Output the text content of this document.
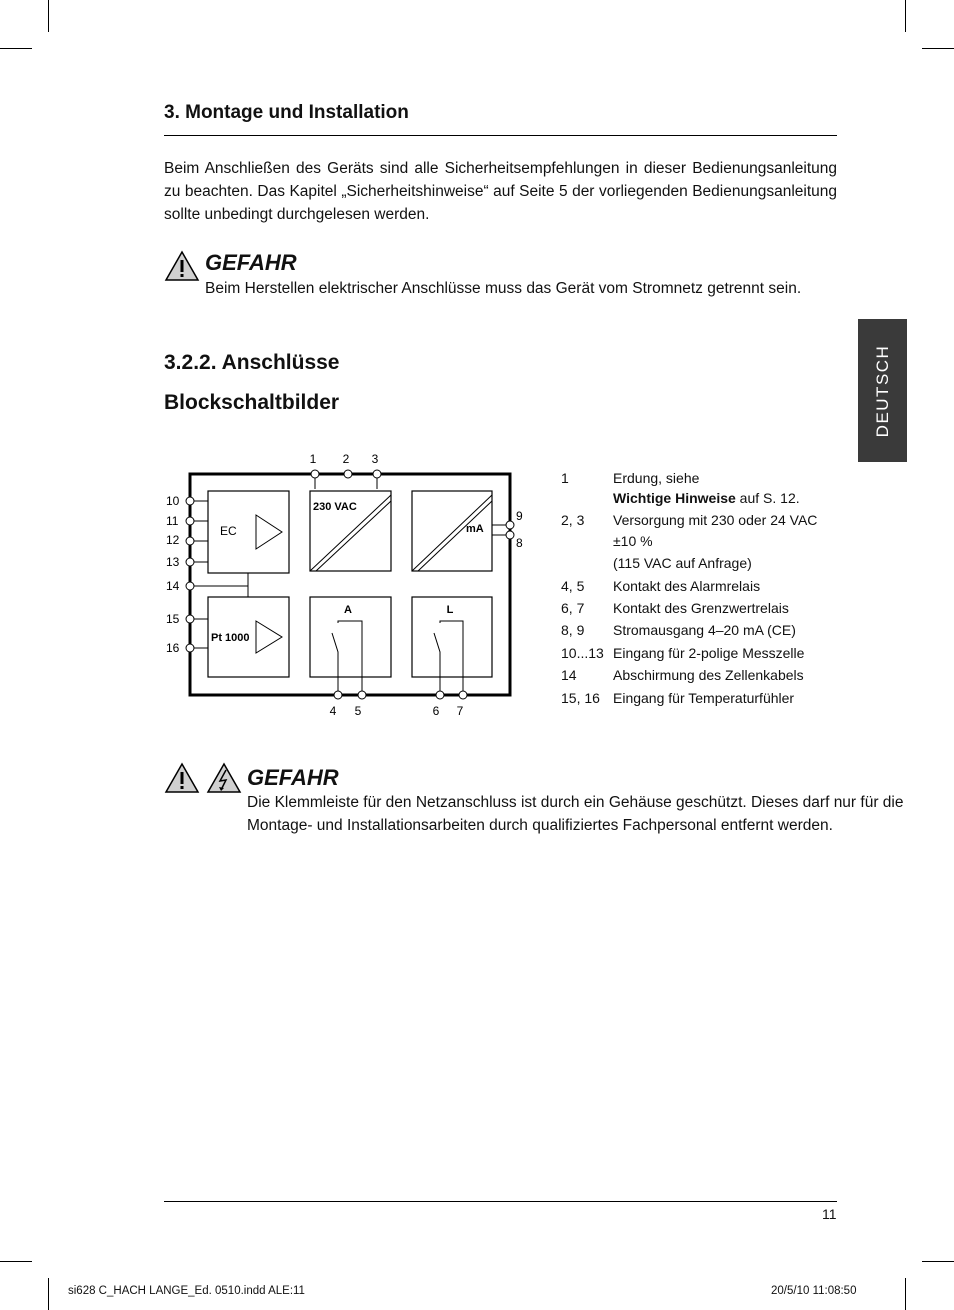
3. Montage und Installation

Beim Anschließen des Geräts sind alle Sicherheitsempfehlungen in dieser Bedienungsanleitung zu beachten. Das Kapitel „Sicherheitshinweise“ auf Seite 5 der vorliegenden Bedienungsanleitung sollte unbedingt durchgelesen werden.

GEFAHR
Beim Herstellen elektrischer Anschlüsse muss das Gerät vom Stromnetz getrennt sein.
3.2.2. Anschlüsse
Blockschaltbilder	DEUTSCH
1 2 3
10
11
12
13
14
15
16
9
8
4 5	6 7
EC
230 VAC
mA
Pt 1000
A	L
1	Erdung, siehe
Wichtige Hinweise auf S. 12.
2, 3 Versorgung mit 230 oder 24 VAC
±10 %
(115 VAC auf Anfrage)
4, 5 Kontakt des Alarmrelais
6, 7 Kontakt des Grenzwertrelais
8, 9 Stromausgang 4–20 mA (CE)
10...13 Eingang für 2-polige Messzelle
14	Abschirmung des Zellenkabels
15, 16 Eingang für Temperaturfühler
GEFAHR
Die Klemmleiste für den Netzanschluss ist durch ein Gehäuse geschützt. Dieses darf nur für die
Montage- und Installationsarbeiten durch qualifiziertes Fachpersonal entfernt werden.
11
si628 C_HACH LANGE_Ed. 0510.indd ALE:11	20/5/10 11:08:50
